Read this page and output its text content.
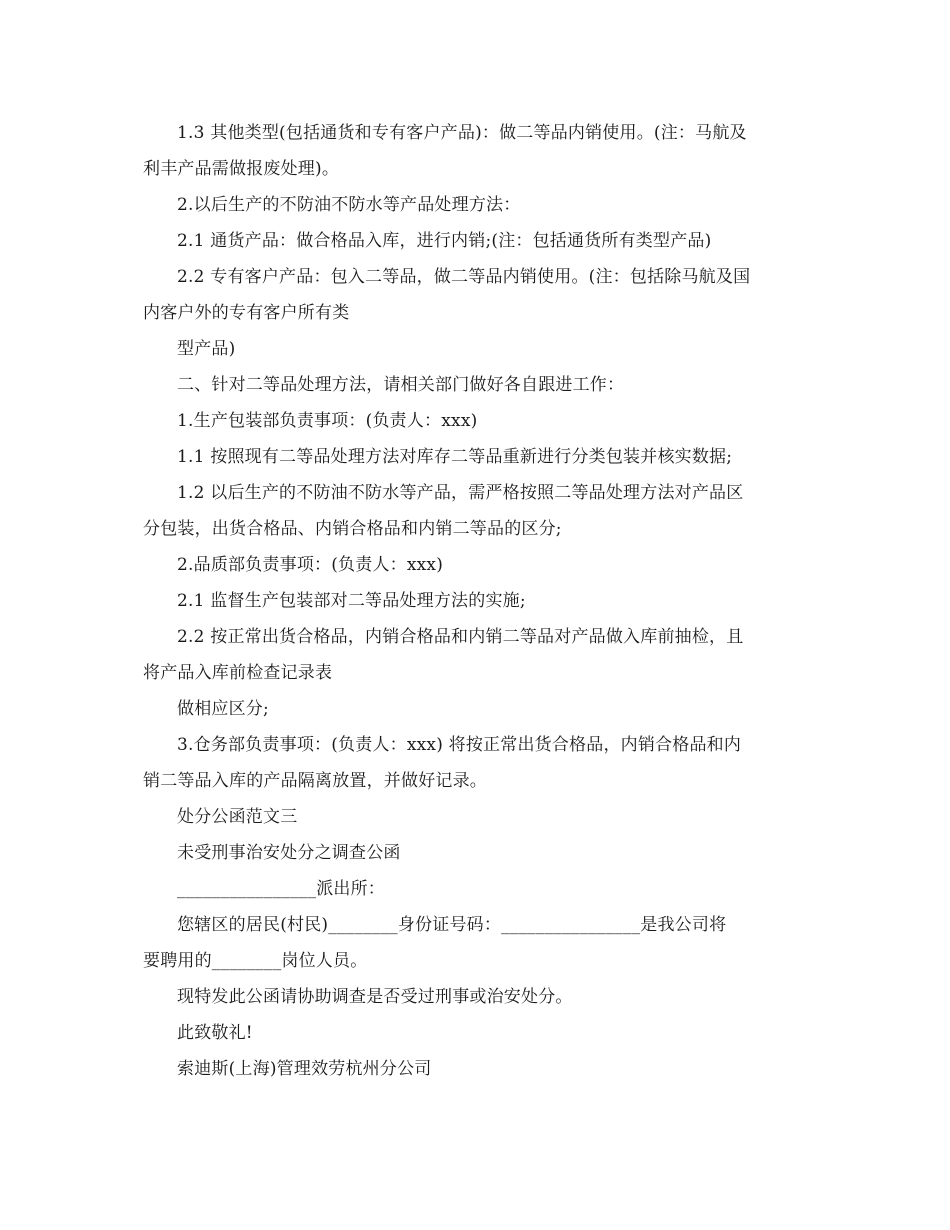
1.3 其他类型(包括通货和专有客户产品)：做二等品内销使用。(注：马航及
利丰产品需做报废处理)。
2.以后生产的不防油不防水等产品处理方法：
2.1 通货产品：做合格品入库，进行内销;(注：包括通货所有类型产品)
2.2 专有客户产品：包入二等品，做二等品内销使用。(注：包括除马航及国
内客户外的专有客户所有类
型产品)
二、针对二等品处理方法，请相关部门做好各自跟进工作：
1.生产包装部负责事项：(负责人：xxx)
1.1 按照现有二等品处理方法对库存二等品重新进行分类包装并核实数据;
1.2 以后生产的不防油不防水等产品，需严格按照二等品处理方法对产品区
分包装，出货合格品、内销合格品和内销二等品的区分;
2.品质部负责事项：(负责人：xxx)
2.1 监督生产包装部对二等品处理方法的实施;
2.2 按正常出货合格品，内销合格品和内销二等品对产品做入库前抽检，且
将产品入库前检查记录表
做相应区分;
3.仓务部负责事项：(负责人：xxx) 将按正常出货合格品，内销合格品和内
销二等品入库的产品隔离放置，并做好记录。
处分公函范文三
未受刑事治安处分之调查公函
________________派出所：
您辖区的居民(村民)________身份证号码：________________是我公司将
要聘用的________岗位人员。
现特发此公函请协助调查是否受过刑事或治安处分。
此致敬礼!
索迪斯(上海)管理效劳杭州分公司
